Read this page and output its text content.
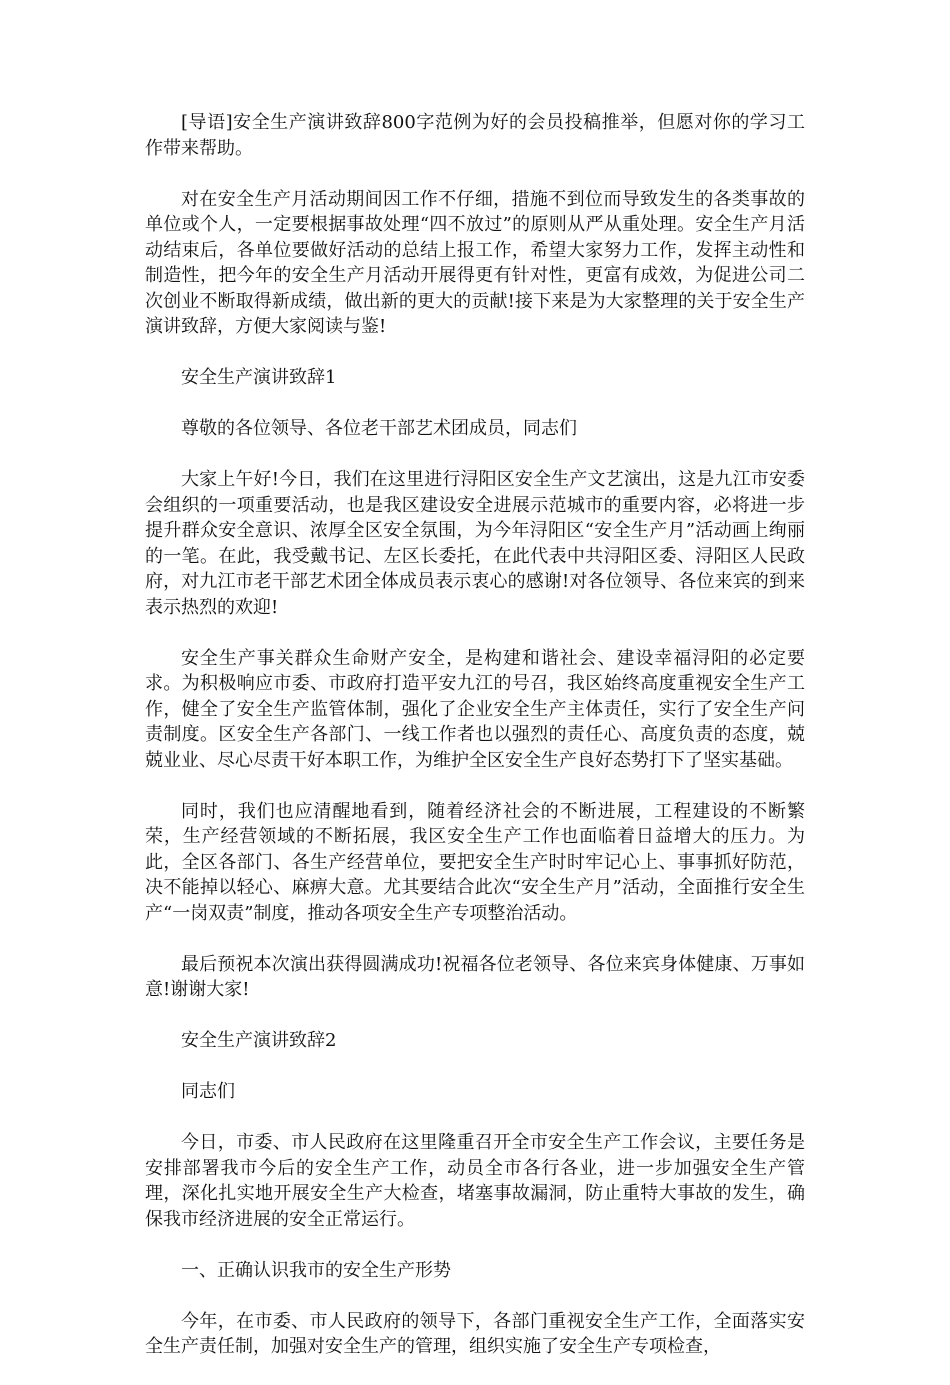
[导语]安全生产演讲致辞800字范例为好的会员投稿推举，但愿对你的学习工作带来帮助。

对在安全生产月活动期间因工作不仔细，措施不到位而导致发生的各类事故的单位或个人，一定要根据事故处理“四不放过”的原则从严从重处理。安全生产月活动结束后，各单位要做好活动的总结上报工作，希望大家努力工作，发挥主动性和制造性，把今年的安全生产月活动开展得更有针对性，更富有成效，为促进公司二次创业不断取得新成绩，做出新的更大的贡献!接下来是为大家整理的关于安全生产演讲致辞，方便大家阅读与鉴!

安全生产演讲致辞1

尊敬的各位领导、各位老干部艺术团成员，同志们

大家上午好!今日，我们在这里进行浔阳区安全生产文艺演出，这是九江市安委会组织的一项重要活动，也是我区建设安全进展示范城市的重要内容，必将进一步提升群众安全意识、浓厚全区安全氛围，为今年浔阳区“安全生产月”活动画上绚丽的一笔。在此，我受戴书记、左区长委托，在此代表中共浔阳区委、浔阳区人民政府，对九江市老干部艺术团全体成员表示衷心的感谢!对各位领导、各位来宾的到来表示热烈的欢迎!

安全生产事关群众生命财产安全，是构建和谐社会、建设幸福浔阳的必定要求。为积极响应市委、市政府打造平安九江的号召，我区始终高度重视安全生产工作，健全了安全生产监管体制，强化了企业安全生产主体责任，实行了安全生产问责制度。区安全生产各部门、一线工作者也以强烈的责任心、高度负责的态度，兢兢业业、尽心尽责干好本职工作，为维护全区安全生产良好态势打下了坚实基础。

同时，我们也应清醒地看到，随着经济社会的不断进展，工程建设的不断繁荣，生产经营领域的不断拓展，我区安全生产工作也面临着日益增大的压力。为此，全区各部门、各生产经营单位，要把安全生产时时牢记心上、事事抓好防范，决不能掉以轻心、麻痹大意。尤其要结合此次“安全生产月”活动，全面推行安全生产“一岗双责”制度，推动各项安全生产专项整治活动。

最后预祝本次演出获得圆满成功!祝福各位老领导、各位来宾身体健康、万事如意!谢谢大家!

安全生产演讲致辞2

同志们

今日，市委、市人民政府在这里隆重召开全市安全生产工作会议，主要任务是安排部署我市今后的安全生产工作，动员全市各行各业，进一步加强安全生产管理，深化扎实地开展安全生产大检查，堵塞事故漏洞，防止重特大事故的发生，确保我市经济进展的安全正常运行。

一、正确认识我市的安全生产形势

今年，在市委、市人民政府的领导下，各部门重视安全生产工作，全面落实安全生产责任制，加强对安全生产的管理，组织实施了安全生产专项检查，
